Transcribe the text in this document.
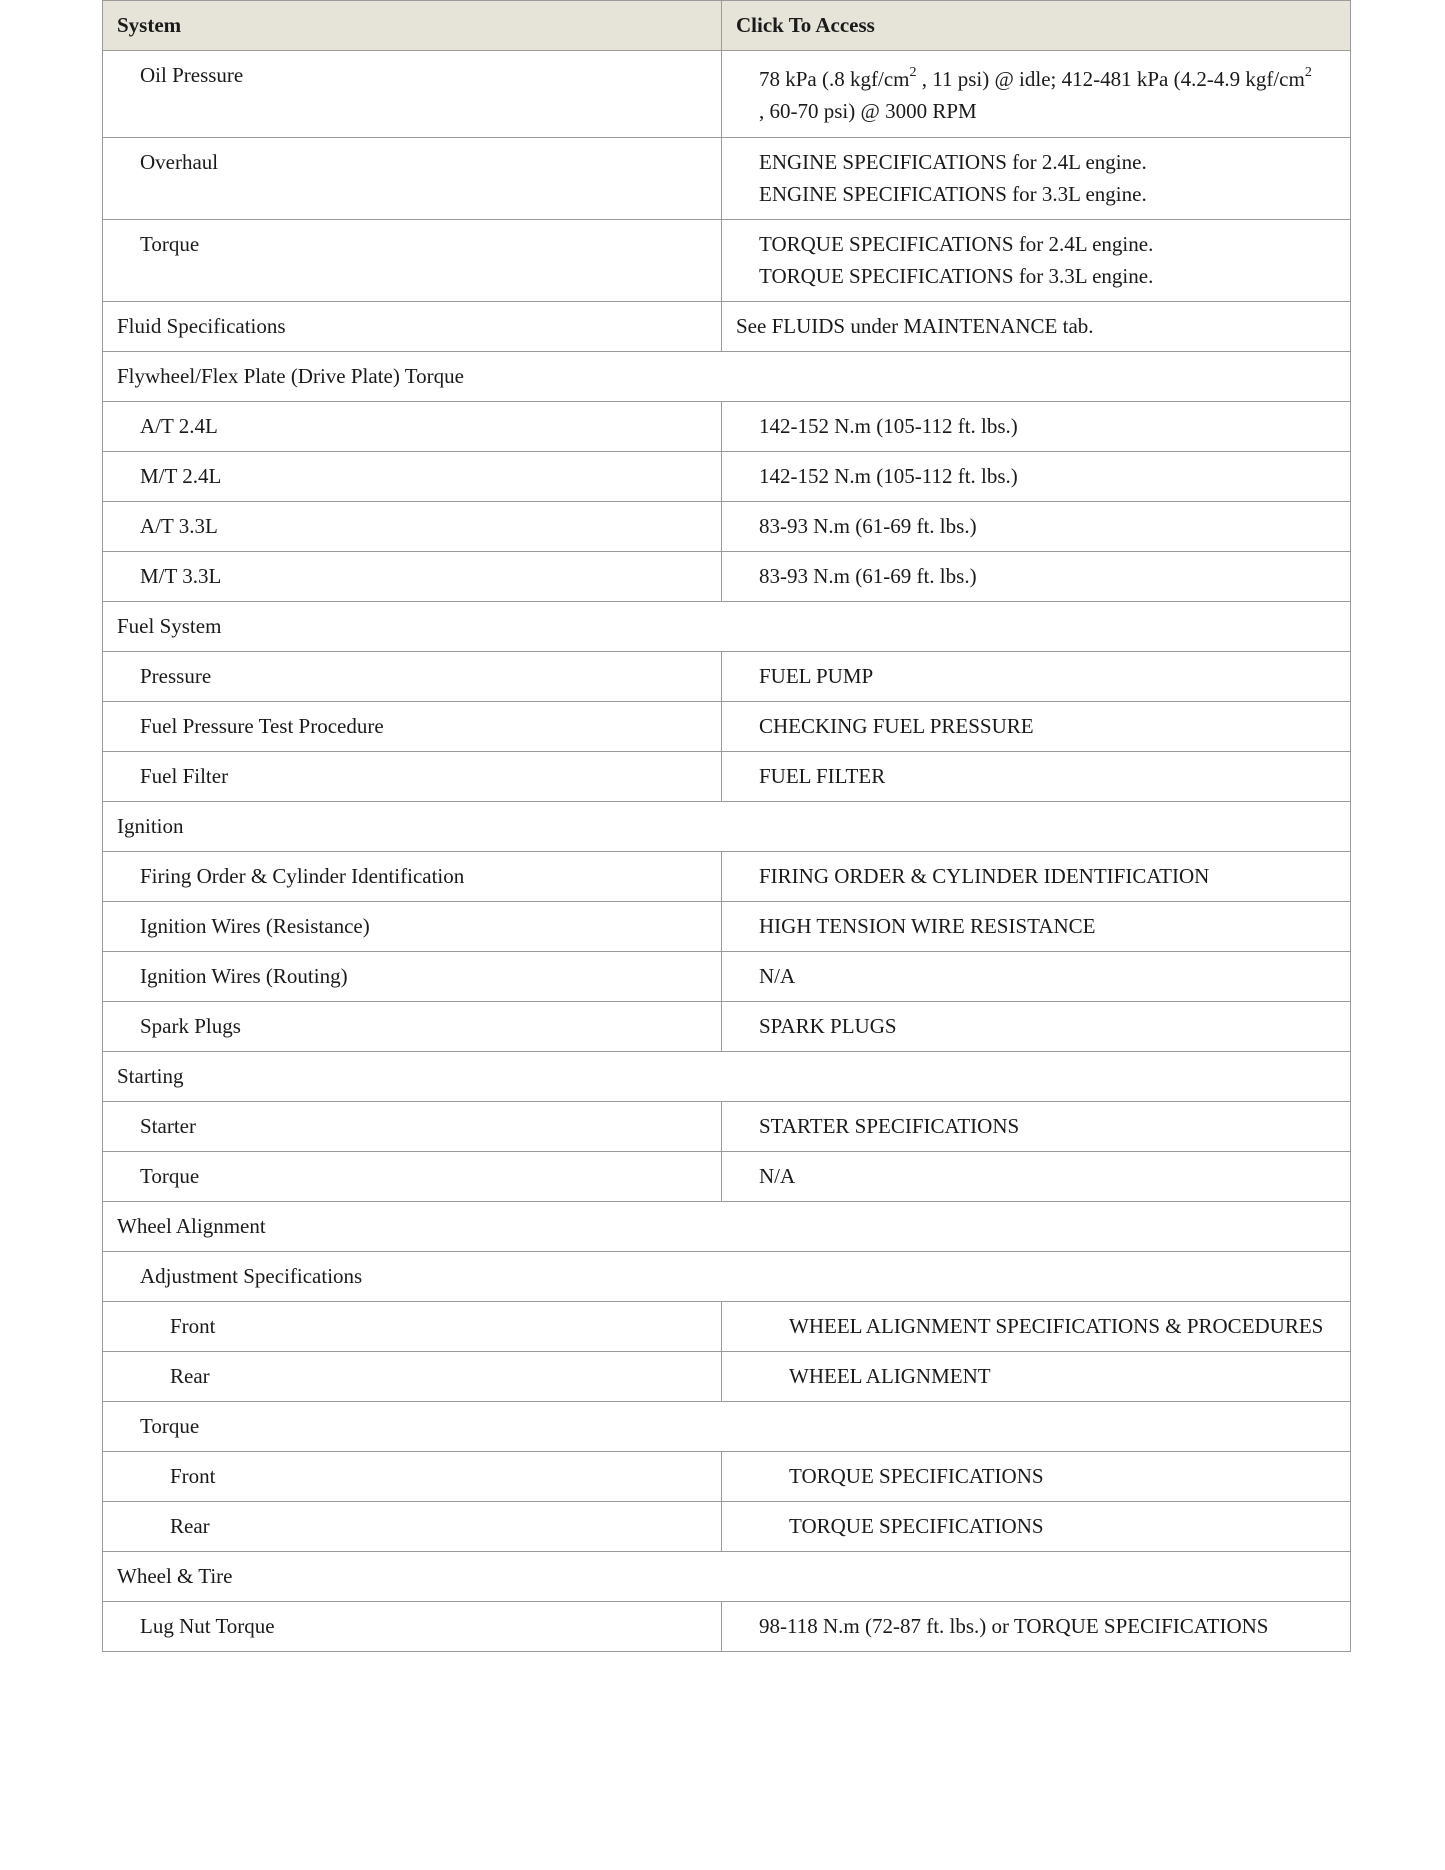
System	Click To Access
Oil Pressure	78 kPa (.8 kgf/$cm^2$ , 11 psi) @ idle; 412-481 kPa (4.2-4.9 kgf/$cm^2$
, 60-70 psi) @ 3000 RPM
Overhaul	ENGINE SPECIFICATIONS for 2.4L engine.
ENGINE SPECIFICATIONS for 3.3L engine.

Torque	TORQUE SPECIFICATIONS for 2.4L engine.
TORQUE SPECIFICATIONS for 3.3L engine.

Fluid Specifications	See FLUIDS under MAINTENANCE tab.
Flywheel/Flex Plate (Drive Plate) Torque	
A/T 2.4L	142-152 N.m (105-112 ft. lbs.)
M/T 2.4L	142-152 N.m (105-112 ft. lbs.)
A/T 3.3L	83-93 N.m (61-69 ft. lbs.)
M/T 3.3L	83-93 N.m (61-69 ft. lbs.)
Fuel System	
Pressure	FUEL PUMP
Fuel Pressure Test Procedure	CHECKING FUEL PRESSURE
Fuel Filter	FUEL FILTER
Ignition	
Firing Order & Cylinder Identification	FIRING ORDER & CYLINDER IDENTIFICATION
Ignition Wires (Resistance)	HIGH TENSION WIRE RESISTANCE
Ignition Wires (Routing)	N/A
Spark Plugs	SPARK PLUGS
Starting	
Starter	STARTER SPECIFICATIONS
Torque	N/A
Wheel Alignment	
Adjustment Specifications	
Front	WHEEL ALIGNMENT SPECIFICATIONS & PROCEDURES
Rear	WHEEL ALIGNMENT
Torque	
Front	TORQUE SPECIFICATIONS
Rear	TORQUE SPECIFICATIONS
Wheel & Tire	
Lug Nut Torque	98-118 N.m (72-87 ft. lbs.) or TORQUE SPECIFICATIONS
